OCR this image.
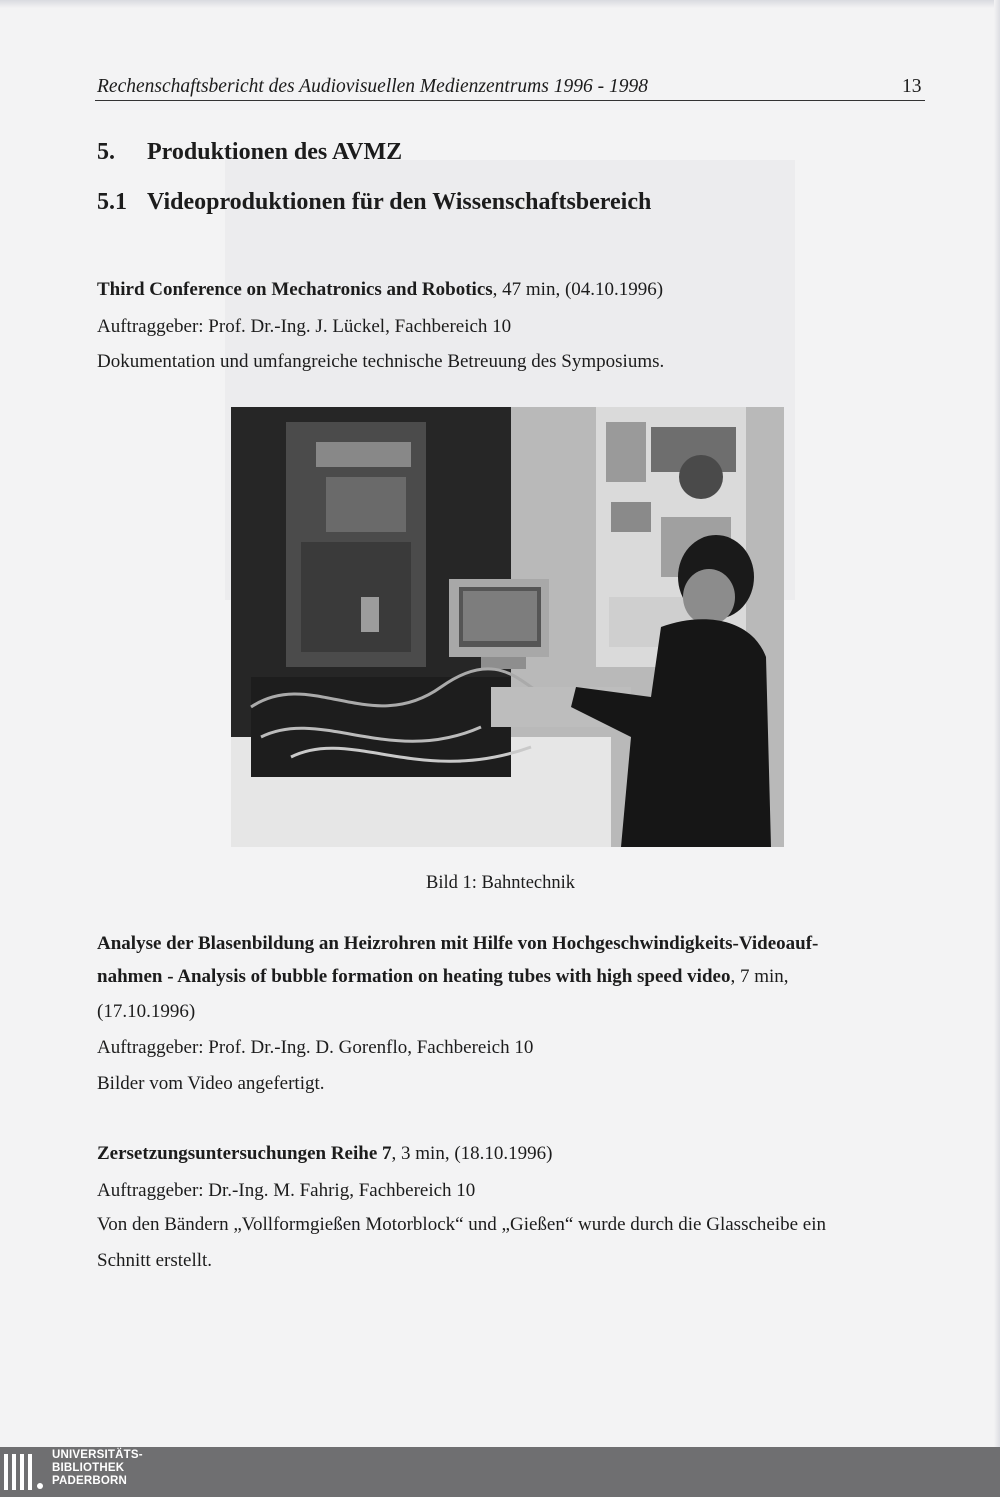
Rechenschaftsbericht des Audiovisuellen Medienzentrums 1996 - 1998	13
5. Produktionen des AVMZ
5.1 Videoproduktionen für den Wissenschaftsbereich
Third Conference on Mechatronics and Robotics, 47 min, (04.10.1996)
Auftraggeber: Prof. Dr.-Ing. J. Lückel, Fachbereich 10
Dokumentation und umfangreiche technische Betreuung des Symposiums.
Bild 1: Bahntechnik
Analyse der Blasenbildung an Heizrohren mit Hilfe von Hochgeschwindigkeits-Videoauf-
nahmen - Analysis of bubble formation on heating tubes with high speed video, 7 min,
(17.10.1996)
Auftraggeber: Prof. Dr.-Ing. D. Gorenflo, Fachbereich 10
Bilder vom Video angefertigt.
Zersetzungsuntersuchungen Reihe 7, 3 min, (18.10.1996)
Auftraggeber: Dr.-Ing. M. Fahrig, Fachbereich 10
Von den Bändern „Vollformgießen Motorblock“ und „Gießen“ wurde durch die Glasscheibe ein
Schnitt erstellt.
UNIVERSITÄTS-
BIBLIOTHEK
PADERBORN
